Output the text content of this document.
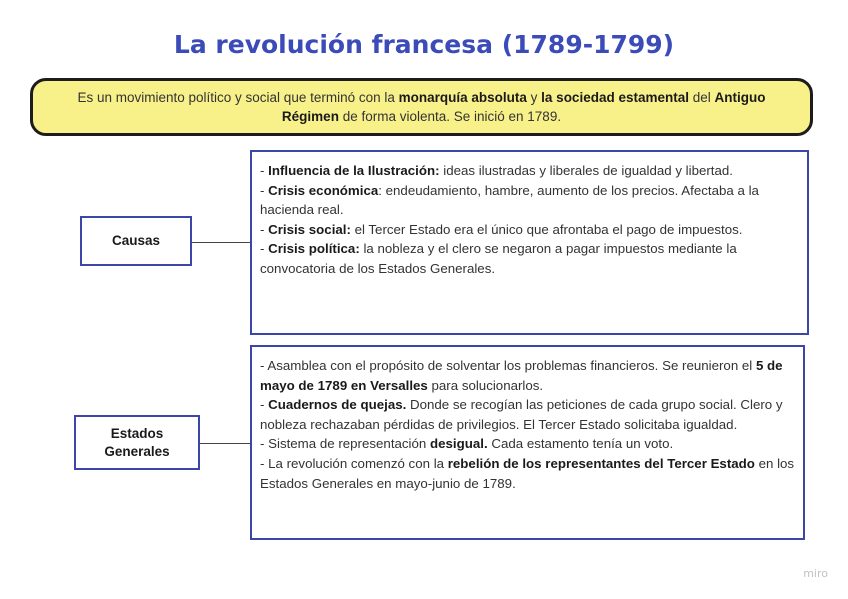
La revolución francesa (1789-1799)
Es un movimiento político y social que terminó con la monarquía absoluta y la sociedad estamental del Antiguo Régimen de forma violenta. Se inició en 1789.
Causas

- Influencia de la Ilustración: ideas ilustradas y liberales de igualdad y libertad.

- Crisis económica: endeudamiento, hambre, aumento de los precios. Afectaba a la hacienda real.

- Crisis social: el Tercer Estado era el único que afrontaba el pago de impuestos.

- Crisis política: la nobleza y el clero se negaron a pagar impuestos mediante la convocatoria de los Estados Generales.

Estados
Generales

- Asamblea con el propósito de solventar los problemas financieros. Se reunieron el 5 de mayo de 1789 en Versalles para solucionarlos.

- Cuadernos de quejas. Donde se recogían las peticiones de cada grupo social. Clero y nobleza rechazaban pérdidas de privilegios. El Tercer Estado solicitaba igualdad.

- Sistema de representación desigual. Cada estamento tenía un voto.

- La revolución comenzó con la rebelión de los representantes del Tercer Estado en los Estados Generales en mayo-junio de 1789.

miro
